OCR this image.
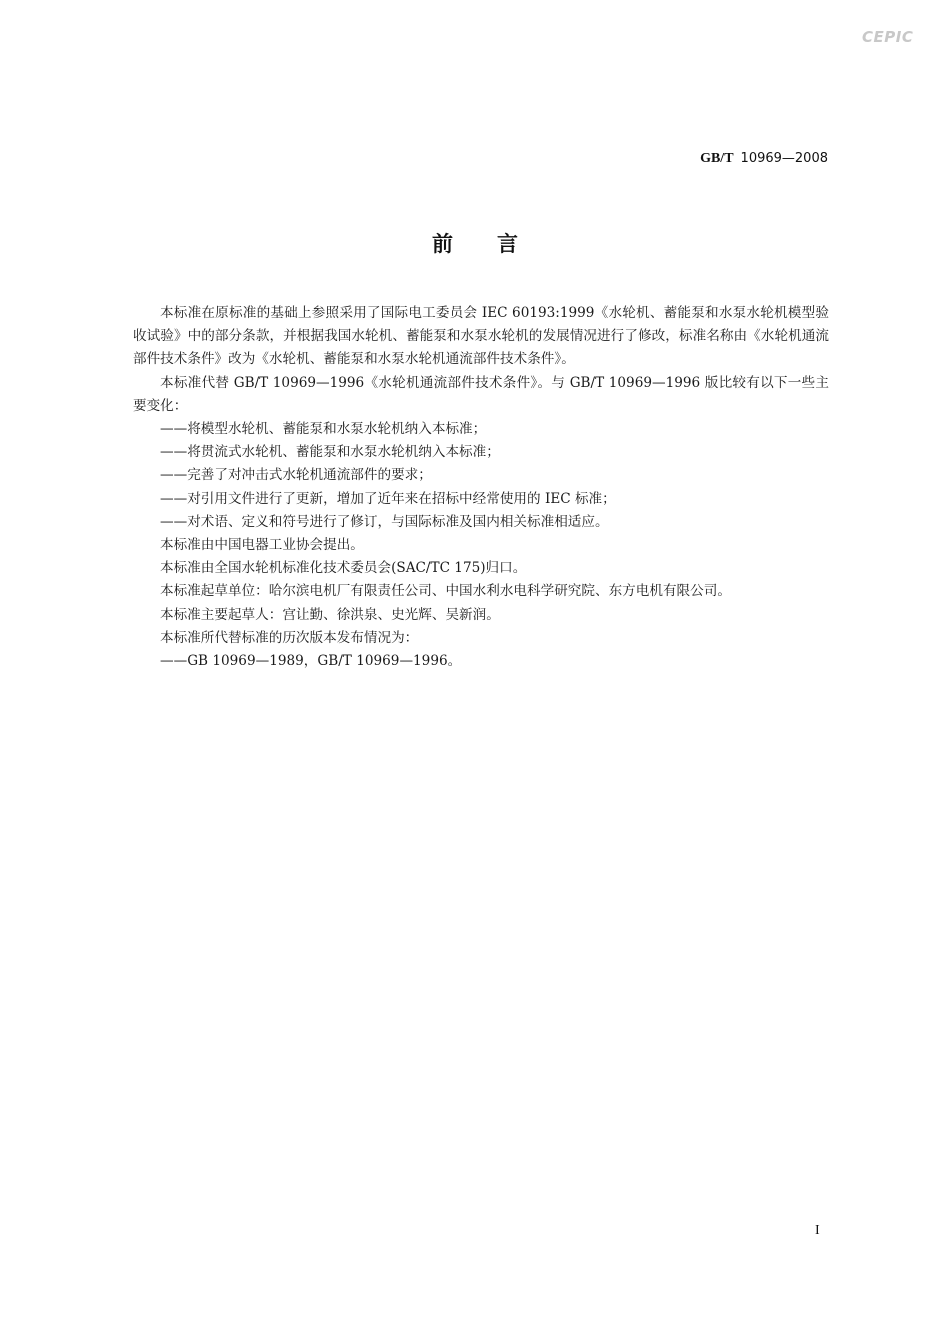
CEPIC
GB/T 10969—2008
前言

本标准在原标准的基础上参照采用了国际电工委员会 IEC 60193:1999《水轮机、蓄能泵和水泵水轮机模型验收试验》中的部分条款，并根据我国水轮机、蓄能泵和水泵水轮机的发展情况进行了修改，标准名称由《水轮机通流部件技术条件》改为《水轮机、蓄能泵和水泵水轮机通流部件技术条件》。

本标准代替 GB/T 10969—1996《水轮机通流部件技术条件》。与 GB/T 10969—1996 版比较有以下一些主要变化：

——将模型水轮机、蓄能泵和水泵水轮机纳入本标准；

——将贯流式水轮机、蓄能泵和水泵水轮机纳入本标准；

——完善了对冲击式水轮机通流部件的要求；

——对引用文件进行了更新，增加了近年来在招标中经常使用的 IEC 标准；

——对术语、定义和符号进行了修订，与国际标准及国内相关标准相适应。

本标准由中国电器工业协会提出。

本标准由全国水轮机标准化技术委员会(SAC/TC 175)归口。

本标准起草单位：哈尔滨电机厂有限责任公司、中国水利水电科学研究院、东方电机有限公司。

本标准主要起草人：宫让勤、徐洪泉、史光辉、吴新润。

本标准所代替标准的历次版本发布情况为：

——GB 10969—1989，GB/T 10969—1996。

I
